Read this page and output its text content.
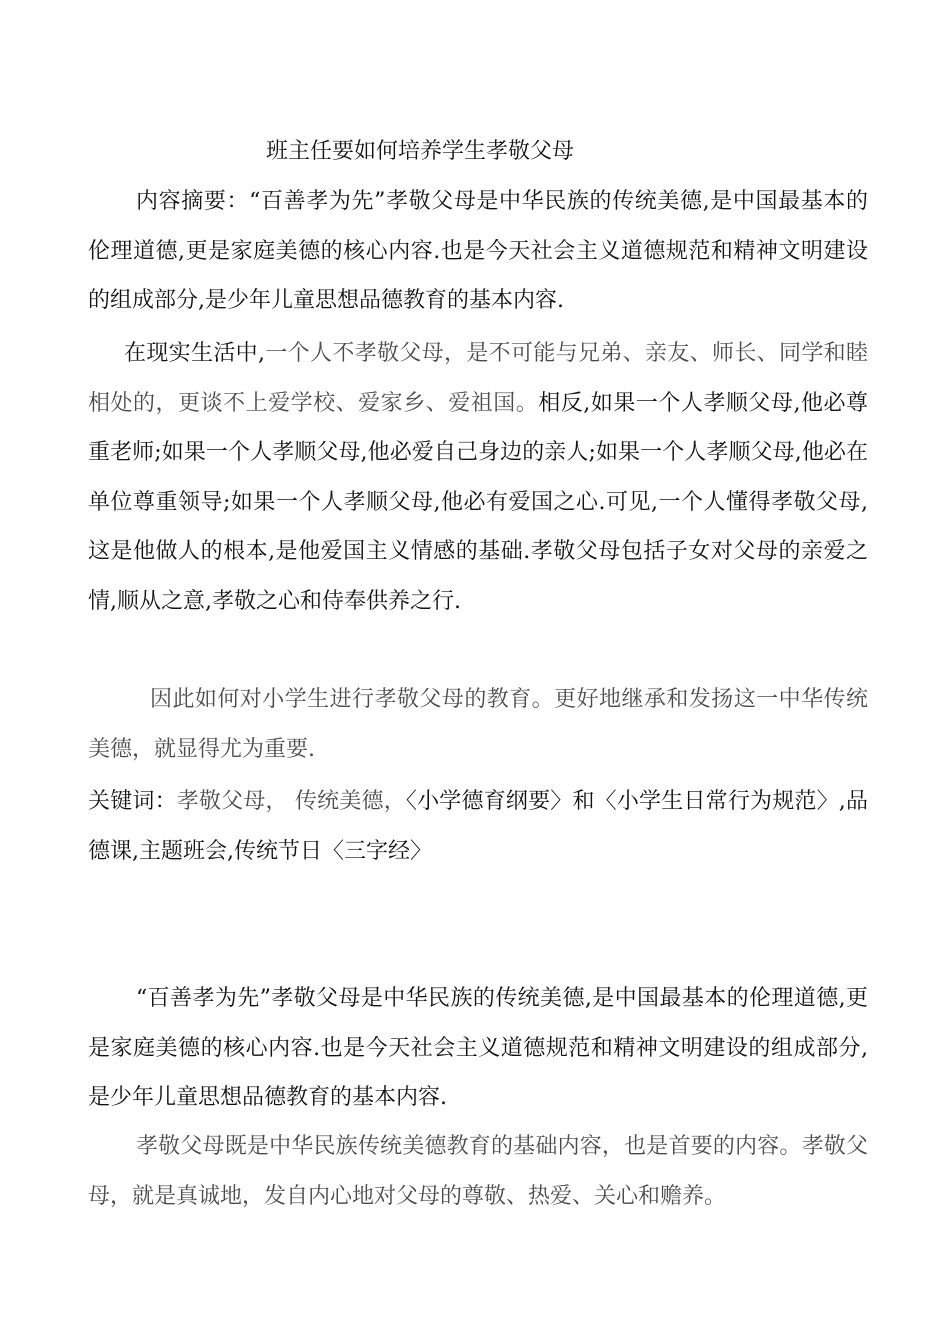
班主任要如何培养学生孝敬父母

内容摘要：“百善孝为先”孝敬父母是中华民族的传统美德,是中国最基本的伦理道德,更是家庭美德的核心内容.也是今天社会主义道德规范和精神文明建设的组成部分,是少年儿童思想品德教育的基本内容.

在现实生活中,一个人不孝敬父母，是不可能与兄弟、亲友、师长、同学和睦相处的，更谈不上爱学校、爱家乡、爱祖国。相反,如果一个人孝顺父母,他必尊重老师;如果一个人孝顺父母,他必爱自己身边的亲人;如果一个人孝顺父母,他必在单位尊重领导;如果一个人孝顺父母,他必有爱国之心.可见,一个人懂得孝敬父母,这是他做人的根本,是他爱国主义情感的基础.孝敬父母包括子女对父母的亲爱之情,顺从之意,孝敬之心和侍奉供养之行.

因此如何对小学生进行孝敬父母的教育。更好地继承和发扬这一中华传统美德，就显得尤为重要.

关键词：孝敬父母， 传统美德，〈小学德育纲要〉和〈小学生日常行为规范〉,品德课,主题班会,传统节日〈三字经〉

“百善孝为先”孝敬父母是中华民族的传统美德,是中国最基本的伦理道德,更是家庭美德的核心内容.也是今天社会主义道德规范和精神文明建设的组成部分,是少年儿童思想品德教育的基本内容.

孝敬父母既是中华民族传统美德教育的基础内容，也是首要的内容。孝敬父母，就是真诚地，发自内心地对父母的尊敬、热爱、关心和赡养。
